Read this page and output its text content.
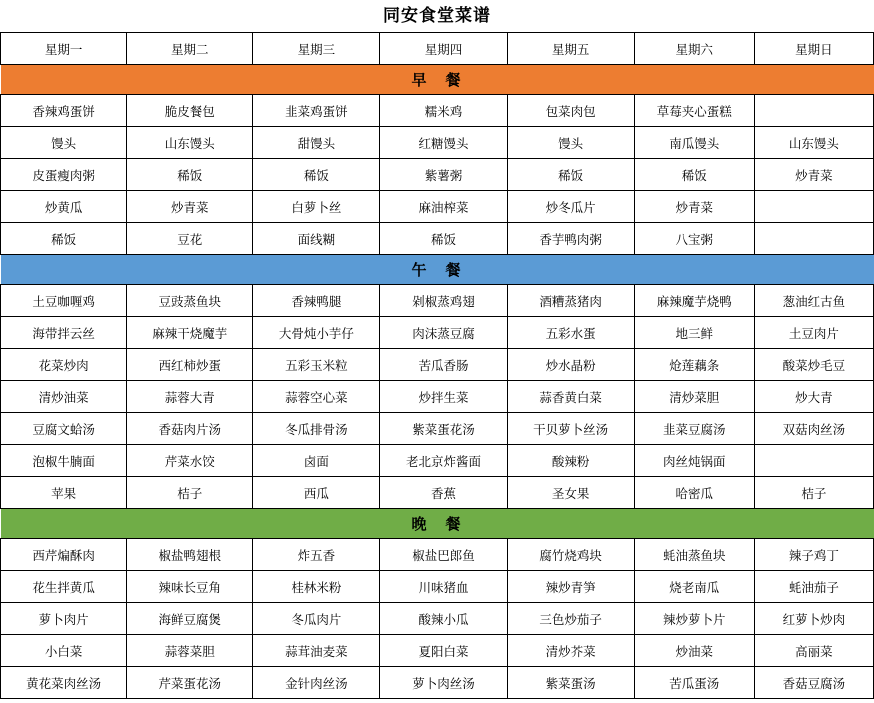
同安食堂菜谱
星期一	星期二	星期三	星期四	星期五	星期六	星期日
早　餐						
香辣鸡蛋饼	脆皮餐包	韭菜鸡蛋饼	糯米鸡	包菜肉包	草莓夹心蛋糕	
馒头	山东馒头	甜馒头	红糖馒头	馒头	南瓜馒头	山东馒头
皮蛋瘦肉粥	稀饭	稀饭	紫薯粥	稀饭	稀饭	炒青菜
炒黄瓜	炒青菜	白萝卜丝	麻油榨菜	炒冬瓜片	炒青菜	
稀饭	豆花	面线糊	稀饭	香芋鸭肉粥	八宝粥	
午　餐						
土豆咖喱鸡	豆豉蒸鱼块	香辣鸭腿	剁椒蒸鸡翅	酒糟蒸猪肉	麻辣魔芋烧鸭	葱油红古鱼
海带拌云丝	麻辣干烧魔芋	大骨炖小芋仔	肉沫蒸豆腐	五彩水蛋	地三鲜	土豆肉片
花菜炒肉	西红柿炒蛋	五彩玉米粒	苦瓜香肠	炒水晶粉	炝莲藕条	酸菜炒毛豆
清炒油菜	蒜蓉大青	蒜蓉空心菜	炒拌生菜	蒜香黄白菜	清炒菜胆	炒大青
豆腐文蛤汤	香菇肉片汤	冬瓜排骨汤	紫菜蛋花汤	干贝萝卜丝汤	韭菜豆腐汤	双菇肉丝汤
泡椒牛腩面	芹菜水饺	卤面	老北京炸酱面	酸辣粉	肉丝炖锅面	
苹果	桔子	西瓜	香蕉	圣女果	哈密瓜	桔子
晚　餐						
西芹煸酥肉	椒盐鸭翅根	炸五香	椒盐巴郎鱼	腐竹烧鸡块	蚝油蒸鱼块	辣子鸡丁
花生拌黄瓜	辣味长豆角	桂林米粉	川味猪血	辣炒青笋	烧老南瓜	蚝油茄子
萝卜肉片	海鲜豆腐煲	冬瓜肉片	酸辣小瓜	三色炒茄子	辣炒萝卜片	红萝卜炒肉
小白菜	蒜蓉菜胆	蒜茸油麦菜	夏阳白菜	清炒芥菜	炒油菜	高丽菜
黄花菜肉丝汤	芹菜蛋花汤	金针肉丝汤	萝卜肉丝汤	紫菜蛋汤	苦瓜蛋汤	香菇豆腐汤
